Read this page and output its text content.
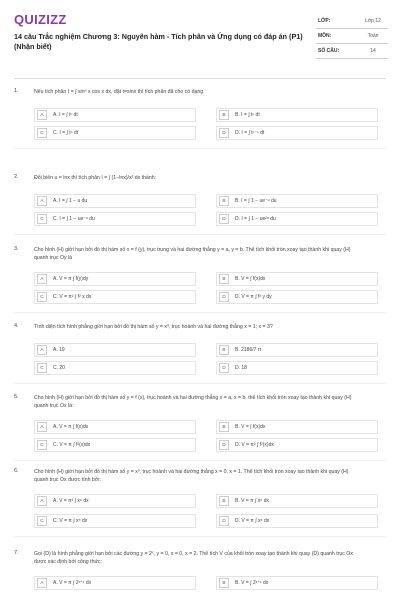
QUIZIZZ
14 câu Trắc nghiệm Chương 3: Nguyên hàm - Tích phân và Ứng dụng có đáp án (P1) (Nhận biết)
LỚP:	Lớp 12
MÔN:	Toán
SỐ CÂU:	14
1.	Nếu tích phân I = ∫ sinⁿ x cos x dx, đặt t=sinx thì tích phân đã cho có dạng
A	A. I = ∫ tⁿ dt	B	B. I = ∫ tⁿ dt
C	C. I = ∫ tⁿ dt	D	D. I = ∫ tⁿ⁻¹ dt
2.	Đổi biến u = lnx thì tích phân I = ∫ (1−lnx)/x² dx thành:
A	A. I = ∫ 1 − u du	B	B. I = ∫ 1 − ue⁻ᵘ du
C	C. I = ∫ 1 − ue⁻ᵘ du	D	D. I = ∫ 1 − ue²ᵘ du
3.	Cho hình (H) giới hạn bởi đồ thị hàm số x = f (y), trục trung và hai đường thẳng y = a, y = b. Thể tích khối tròn xoay tạo thành khi quay (H) quanh trục Oy là
A	A. V = π ∫ f(y)dy	B	B. V = ∫ f(x)dx
C	C. V = π² ∫ f² x dx	D	D. V = π ∫ f² y dy
4.	Tính diện tích hình phẳng giới hạn bởi đồ thị hàm số y = x³, trục hoành và hai đường thẳng x = 1; x = 3?
A	A. 19	B	B. 2186/7 π
C	C. 20	D	D. 18
5.	Cho hình (H) giới hạn bởi đồ thị hàm số y = f (x), trục hoành và hai đường thẳng x = a, x = b. thể tích khối tròn xoay tạo thành khi quay (H) quanh trục Ox là:
A	A. V = π ∫ f(x)dx	B	B. V = ∫ f(x)dx
C	C. V = π ∫ f²(x)dx	D	D. V = π² ∫ f²(x)dx
6.	Cho hình (H) giới hạn bởi đồ thị hàm số y = x³, trục hoành và hai đường thẳng x = 0, x = 1. Thể tích khối tròn xoay tạo thành khi quay (H) quanh trục Ox được tính bởi:
A	A. V = π² ∫ x⁶ dx	B	B. V = π ∫ x⁶ dx
C	C. V = π ∫ x⁵ dx	D	D. V = π ∫ x⁶ dx
7.	Gọi (D) là hình phẳng giới hạn bởi các đường y = 2ˣ, y = 0, x = 0, x = 2. Thể tích V của khối tròn xoay tạo thành khi quay (D) quanh trục Ox được xác định bởi công thức:
A	A. V = π ∫ 2ˣ⁺¹ dx	B	B. V = ∫ 2ˣ⁺¹ dx
